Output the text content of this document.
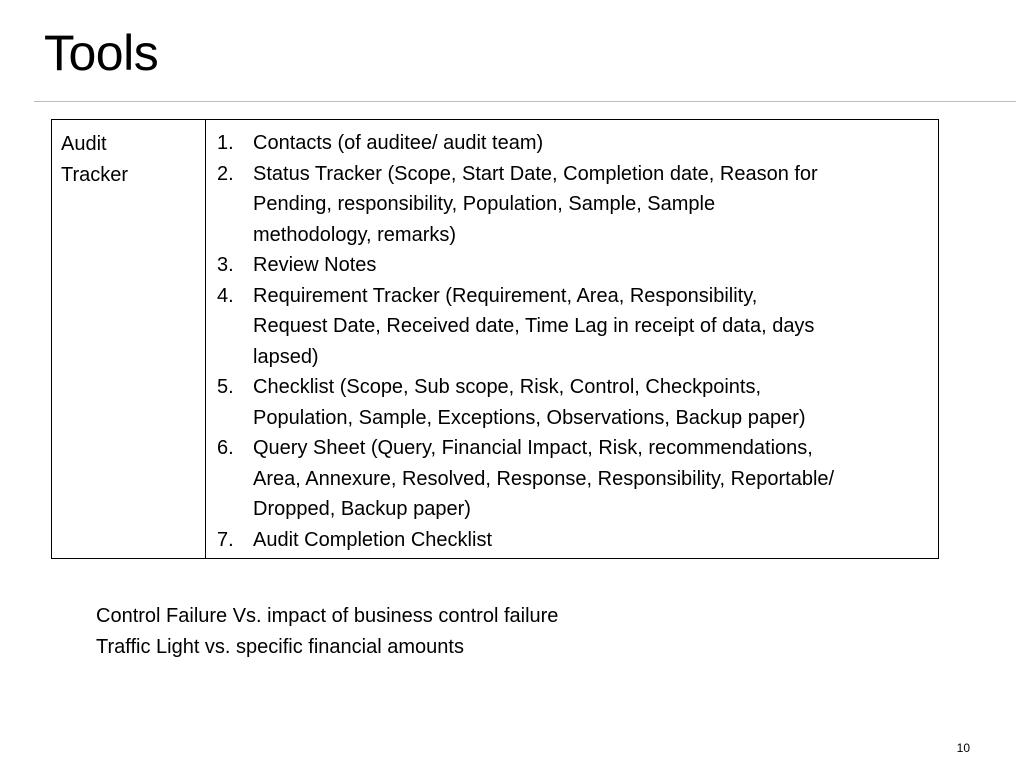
Tools
Audit
Tracker
1. Contacts (of auditee/ audit team)
2. Status Tracker (Scope, Start Date, Completion date, Reason for
Pending, responsibility, Population, Sample, Sample
methodology, remarks)
3. Review Notes
4. Requirement Tracker (Requirement, Area, Responsibility,
Request Date, Received date, Time Lag in receipt of data, days
lapsed)
5. Checklist (Scope, Sub scope, Risk, Control, Checkpoints,
Population, Sample, Exceptions, Observations, Backup paper)
6. Query Sheet (Query, Financial Impact, Risk, recommendations,
Area, Annexure, Resolved, Response, Responsibility, Reportable/
Dropped, Backup paper)
7. Audit Completion Checklist
Control Failure Vs. impact of business control failure
Traffic Light vs. specific financial amounts
10
